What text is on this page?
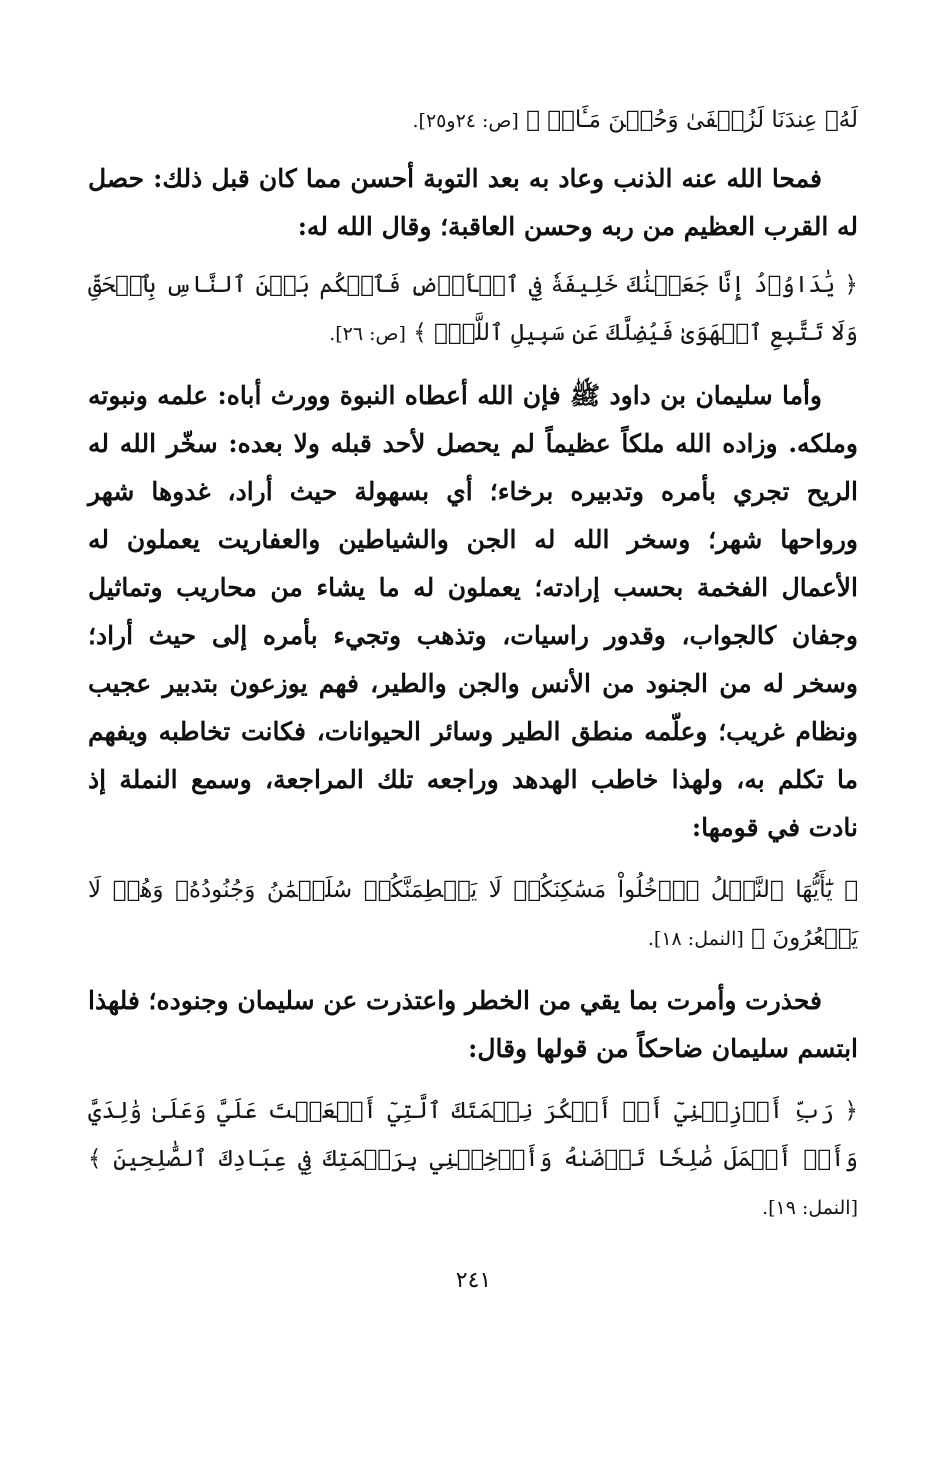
لَهُۥ عِندَنَا لَزُلۡفَىٰ وَحُسۡنَ مَـَٔابٖ ﴾ [ص: ٢٤و٢٥].

فمحا الله عنه الذنب وعاد به بعد التوبة أحسن مما كان قبل ذلك: حصل له القرب العظيم من ربه وحسن العاقبة؛ وقال الله له:

﴿ يَٰدَاوُۥدُ إِنَّا جَعَلۡنَٰكَ خَلِيفَةٗ فِي ٱلۡأَرۡضِ فَٱحۡكُم بَيۡنَ ٱلنَّاسِ بِٱلۡحَقِّ وَلَا تَتَّبِعِ ٱلۡهَوَىٰ فَيُضِلَّكَ عَن سَبِيلِ ٱللَّهِۚ ﴾ [ص: ٢٦].

وأما سليمان بن داود ﷺ فإن الله أعطاه النبوة وورث أباه: علمه ونبوته وملكه. وزاده الله ملكاً عظيماً لم يحصل لأحد قبله ولا بعده: سخّر الله له الريح تجري بأمره وتدبيره برخاء؛ أي بسهولة حيث أراد، غدوها شهر ورواحها شهر؛ وسخر الله له الجن والشياطين والعفاريت يعملون له الأعمال الفخمة بحسب إرادته؛ يعملون له ما يشاء من محاريب وتماثيل وجفان كالجواب، وقدور راسيات، وتذهب وتجيء بأمره إلى حيث أراد؛ وسخر له من الجنود من الأنس والجن والطير، فهم يوزعون بتدبير عجيب ونظام غريب؛ وعلّمه منطق الطير وسائر الحيوانات، فكانت تخاطبه ويفهم ما تكلم به، ولهذا خاطب الهدهد وراجعه تلك المراجعة، وسمع النملة إذ نادت في قومها:

﴿ يَٰٓأَيُّهَا ٱلنَّمۡلُ ٱدۡخُلُواْ مَسَٰكِنَكُمۡ لَا يَحۡطِمَنَّكُمۡ سُلَيۡمَٰنُ وَجُنُودُهُۥ وَهُمۡ لَا يَشۡعُرُونَ ﴾ [النمل: ١٨].

فحذرت وأمرت بما يقي من الخطر واعتذرت عن سليمان وجنوده؛ فلهذا ابتسم سليمان ضاحكاً من قولها وقال:

﴿ رَبِّ أَوۡزِعۡنِيٓ أَنۡ أَشۡكُرَ نِعۡمَتَكَ ٱلَّتِيٓ أَنۡعَمۡتَ عَلَيَّ وَعَلَىٰ وَٰلِدَيَّ وَأَنۡ أَعۡمَلَ صَٰلِحٗا تَرۡضَىٰهُ وَأَدۡخِلۡنِي بِرَحۡمَتِكَ فِي عِبَادِكَ ٱلصَّٰلِحِينَ ﴾ [النمل: ١٩].

٢٤١
